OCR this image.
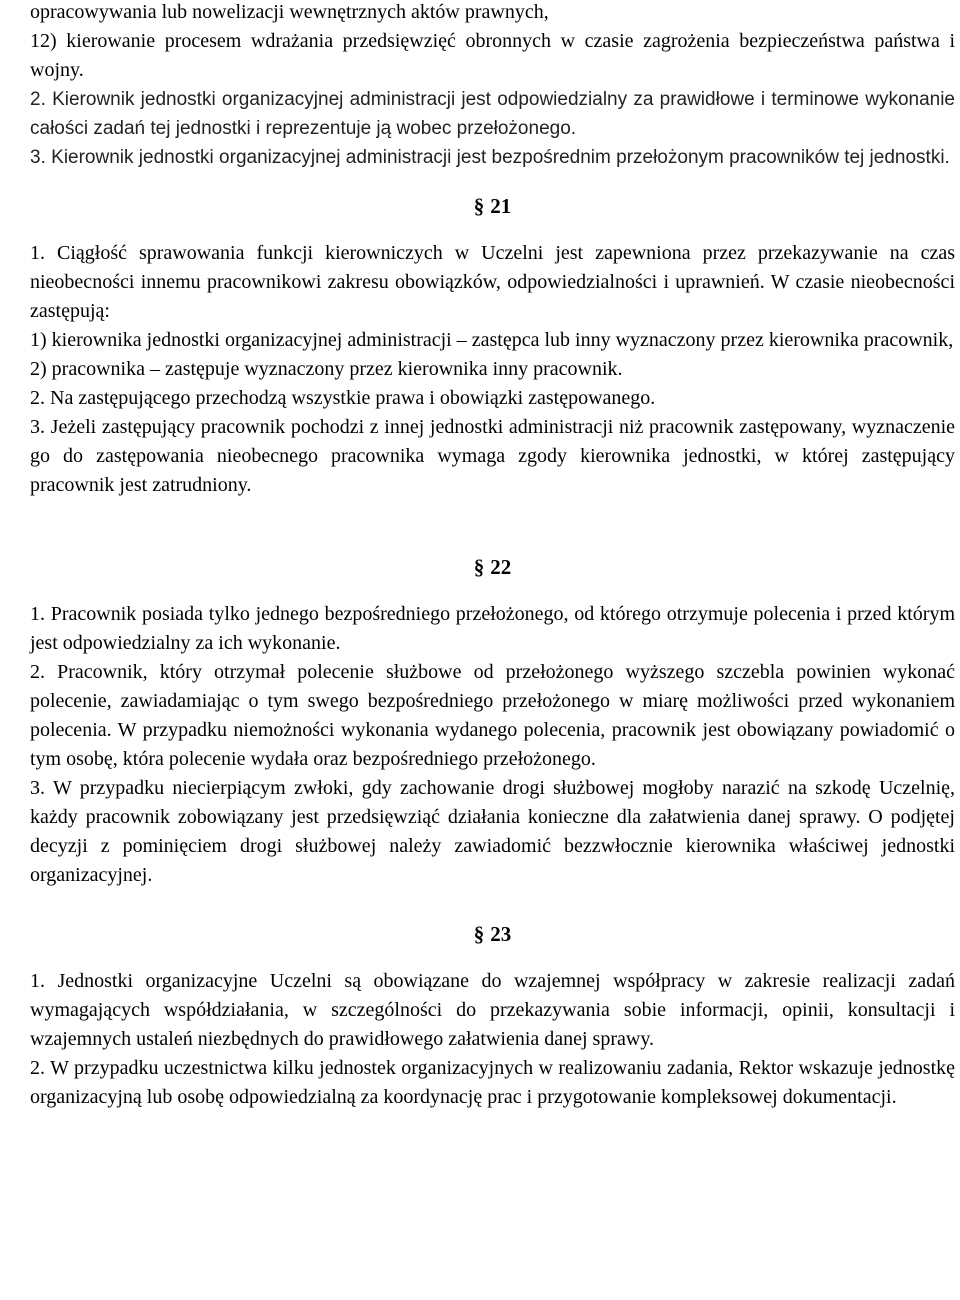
opracowywania lub nowelizacji wewnętrznych aktów prawnych,

12) kierowanie procesem wdrażania przedsięwzięć obronnych w czasie zagrożenia bezpieczeństwa państwa i wojny.

2. Kierownik jednostki organizacyjnej administracji jest odpowiedzialny za prawidłowe i terminowe wykonanie całości zadań tej jednostki i reprezentuje ją wobec przełożonego.

3. Kierownik jednostki organizacyjnej administracji jest bezpośrednim przełożonym pracowników tej jednostki.

§ 21

1. Ciągłość sprawowania funkcji kierowniczych w Uczelni jest zapewniona przez przekazywanie na czas nieobecności innemu pracownikowi zakresu obowiązków, odpowiedzialności i uprawnień. W czasie nieobecności zastępują:

1) kierownika jednostki organizacyjnej administracji – zastępca lub inny wyznaczony przez kierownika pracownik,

2) pracownika – zastępuje wyznaczony przez kierownika inny pracownik.

2. Na zastępującego przechodzą wszystkie prawa i obowiązki zastępowanego.

3. Jeżeli zastępujący pracownik pochodzi z innej jednostki administracji niż pracownik zastępowany, wyznaczenie go do zastępowania nieobecnego pracownika wymaga zgody kierownika jednostki, w której zastępujący pracownik jest zatrudniony.

§ 22

1. Pracownik posiada tylko jednego bezpośredniego przełożonego, od którego otrzymuje polecenia i przed którym jest odpowiedzialny za ich wykonanie.

2. Pracownik, który otrzymał polecenie służbowe od przełożonego wyższego szczebla powinien wykonać polecenie, zawiadamiając o tym swego bezpośredniego przełożonego w miarę możliwości przed wykonaniem polecenia. W przypadku niemożności wykonania wydanego polecenia, pracownik jest obowiązany powiadomić o tym osobę, która polecenie wydała oraz bezpośredniego przełożonego.

3. W przypadku niecierpiącym zwłoki, gdy zachowanie drogi służbowej mogłoby narazić na szkodę Uczelnię, każdy pracownik zobowiązany jest przedsięwziąć działania konieczne dla załatwienia danej sprawy. O podjętej decyzji z pominięciem drogi służbowej należy zawiadomić bezzwłocznie kierownika właściwej jednostki organizacyjnej.

§ 23

1. Jednostki organizacyjne Uczelni są obowiązane do wzajemnej współpracy w zakresie realizacji zadań wymagających współdziałania, w szczególności do przekazywania sobie informacji, opinii, konsultacji i wzajemnych ustaleń niezbędnych do prawidłowego załatwienia danej sprawy.

2. W przypadku uczestnictwa kilku jednostek organizacyjnych w realizowaniu zadania, Rektor wskazuje jednostkę organizacyjną lub osobę odpowiedzialną za koordynację prac i przygotowanie kompleksowej dokumentacji.
